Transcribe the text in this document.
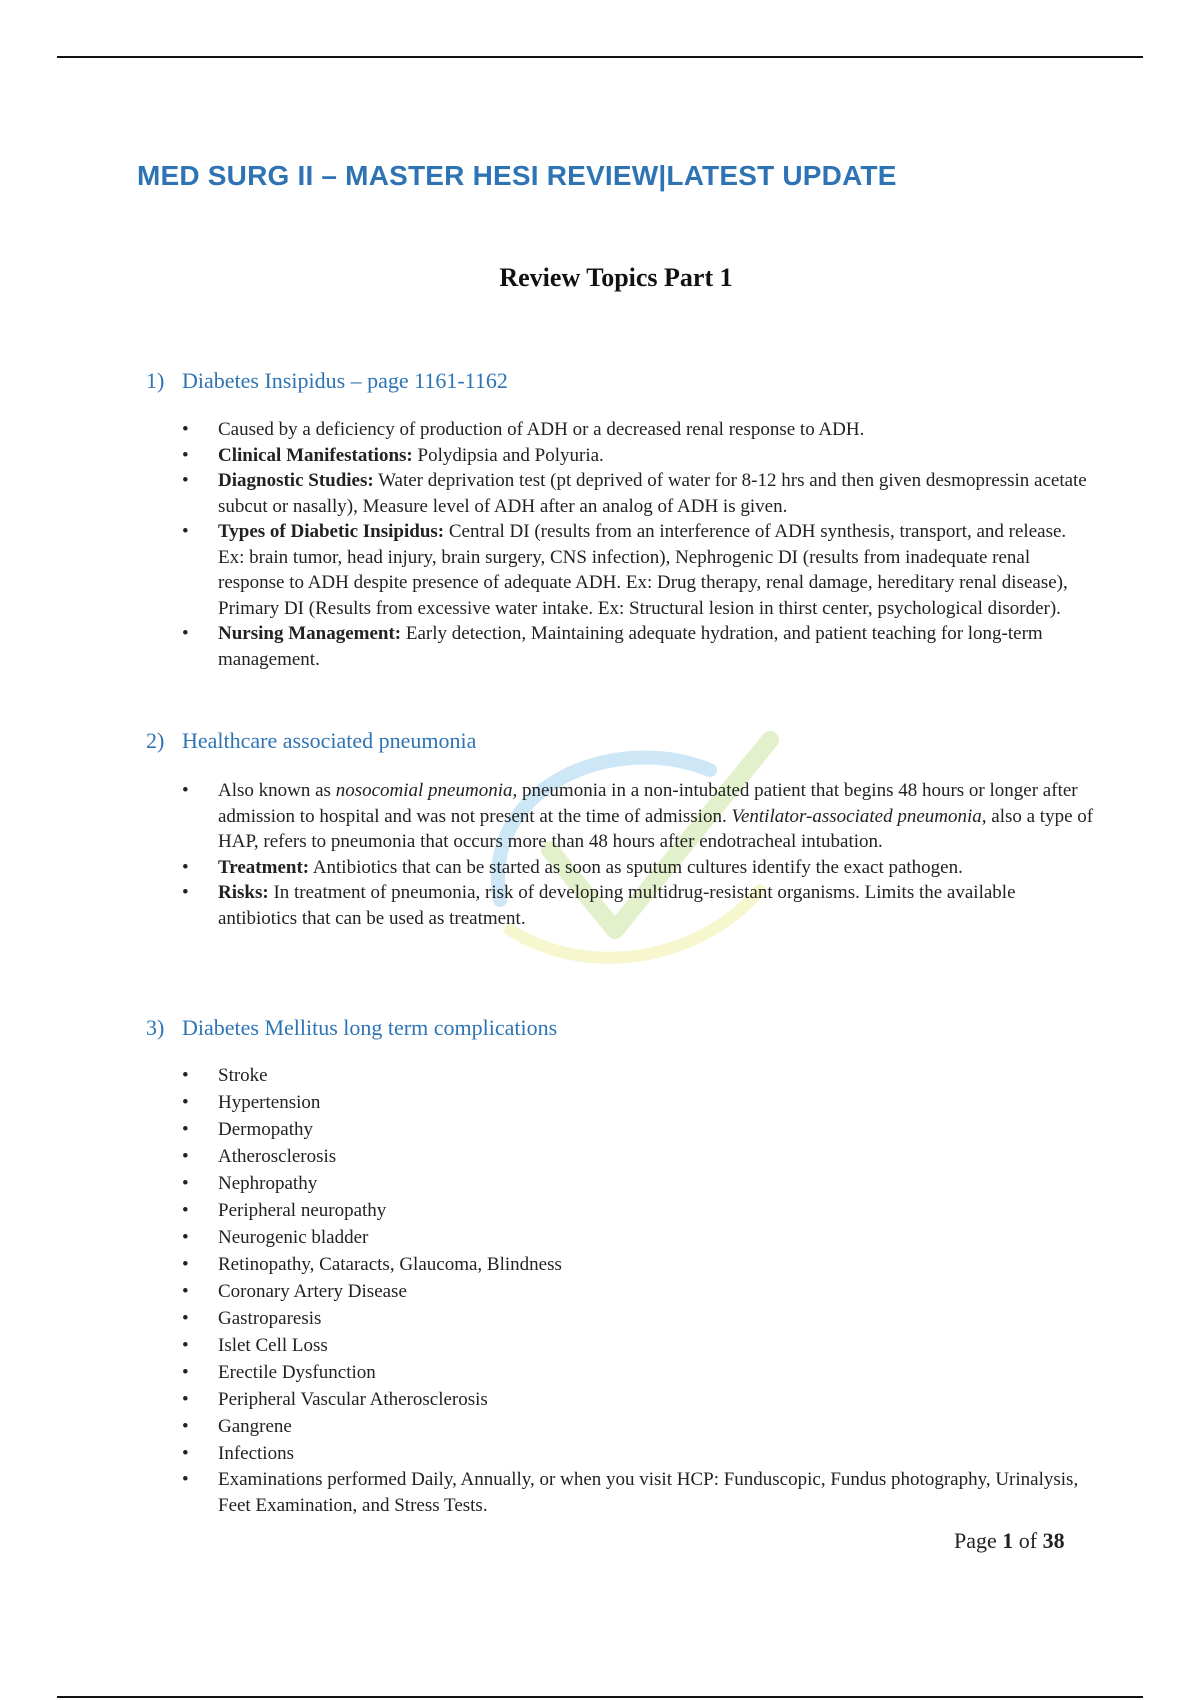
MED SURG II – MASTER HESI REVIEW|LATEST UPDATE
Review Topics Part 1
1) Diabetes Insipidus – page 1161-1162
• Caused by a deficiency of production of ADH or a decreased renal response to ADH.
• Clinical Manifestations: Polydipsia and Polyuria.
• Diagnostic Studies: Water deprivation test (pt deprived of water for 8-12 hrs and then given desmopressin acetate subcut or nasally), Measure level of ADH after an analog of ADH is given.
• Types of Diabetic Insipidus: Central DI (results from an interference of ADH synthesis, transport, and release. Ex: brain tumor, head injury, brain surgery, CNS infection), Nephrogenic DI (results from inadequate renal response to ADH despite presence of adequate ADH. Ex: Drug therapy, renal damage, hereditary renal disease), Primary DI (Results from excessive water intake. Ex: Structural lesion in thirst center, psychological disorder).
• Nursing Management: Early detection, Maintaining adequate hydration, and patient teaching for long-term management.
2) Healthcare associated pneumonia
• Also known as nosocomial pneumonia, pneumonia in a non-intubated patient that begins 48 hours or longer after admission to hospital and was not present at the time of admission. Ventilator-associated pneumonia, also a type of HAP, refers to pneumonia that occurs more than 48 hours after endotracheal intubation.
• Treatment: Antibiotics that can be started as soon as sputum cultures identify the exact pathogen.
• Risks: In treatment of pneumonia, risk of developing multidrug-resistant organisms. Limits the available antibiotics that can be used as treatment.
3) Diabetes Mellitus long term complications
• Stroke
• Hypertension
• Dermopathy
• Atherosclerosis
• Nephropathy
• Peripheral neuropathy
• Neurogenic bladder
• Retinopathy, Cataracts, Glaucoma, Blindness
• Coronary Artery Disease
• Gastroparesis
• Islet Cell Loss
• Erectile Dysfunction
• Peripheral Vascular Atherosclerosis
• Gangrene
• Infections
• Examinations performed Daily, Annually, or when you visit HCP: Funduscopic, Fundus photography, Urinalysis, Feet Examination, and Stress Tests.
Page 1 of 38
